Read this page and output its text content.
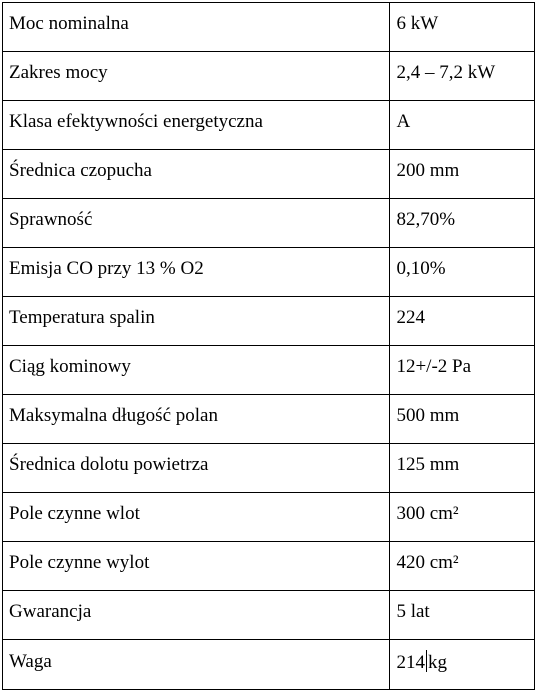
Moc nominalna	6 kW
Zakres mocy	2,4 – 7,2 kW
Klasa efektywności energetyczna	A
Średnica czopucha	200 mm
Sprawność	82,70%
Emisja CO przy 13 % O2	0,10%
Temperatura spalin	224
Ciąg kominowy	12+/-2 Pa
Maksymalna długość polan	500 mm
Średnica dolotu powietrza	125 mm
Pole czynne wlot	300 cm²
Pole czynne wylot	420 cm²
Gwarancja	5 lat
Waga	214 kg
